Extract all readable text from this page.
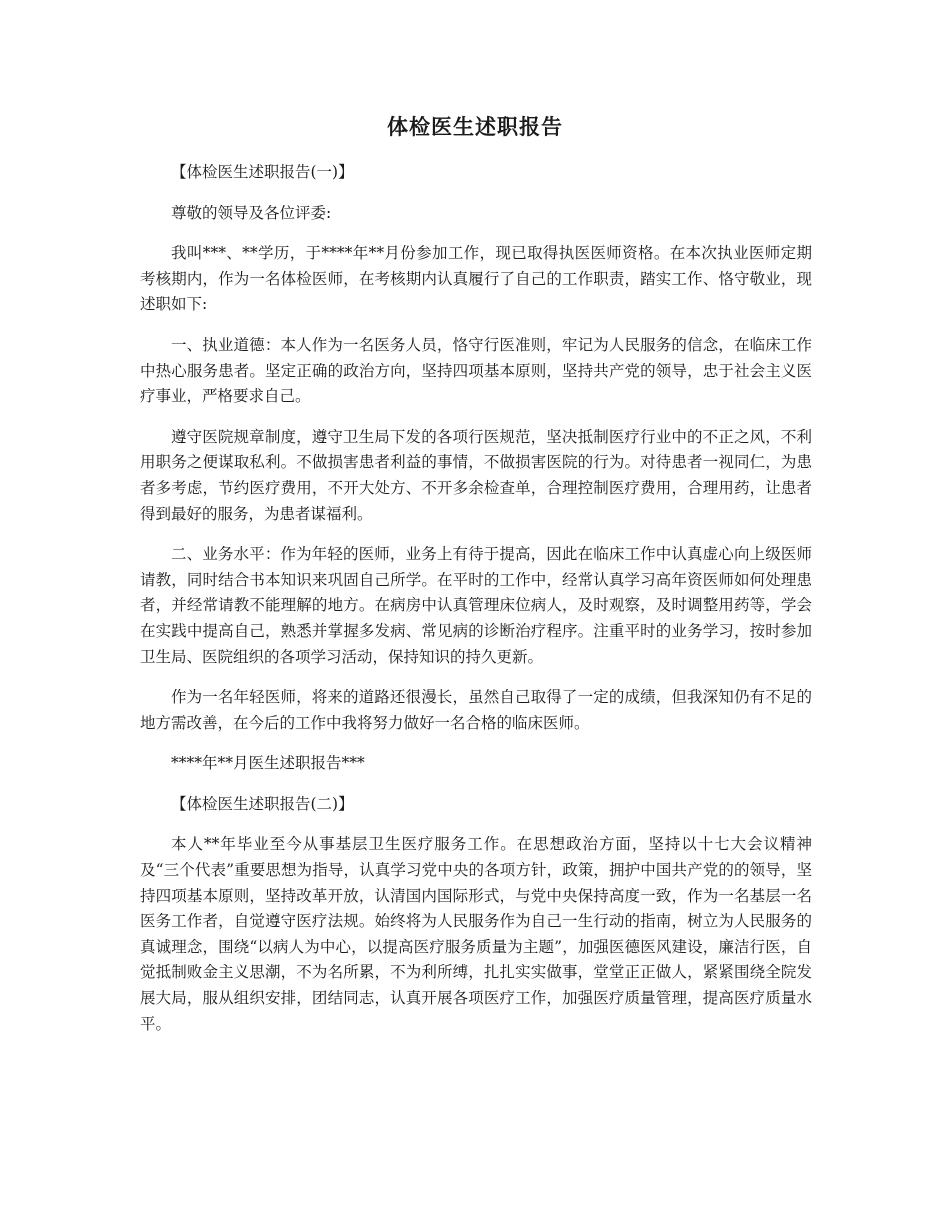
体检医生述职报告

【体检医生述职报告(一)】

尊敬的领导及各位评委:

我叫***、**学历，于****年**月份参加工作，现已取得执医医师资格。在本次执业医师定期考核期内，作为一名体检医师，在考核期内认真履行了自己的工作职责，踏实工作、恪守敬业，现述职如下:

一、执业道德：本人作为一名医务人员，恪守行医准则，牢记为人民服务的信念，在临床工作中热心服务患者。坚定正确的政治方向，坚持四项基本原则，坚持共产党的领导，忠于社会主义医疗事业，严格要求自己。

遵守医院规章制度，遵守卫生局下发的各项行医规范，坚决抵制医疗行业中的不正之风，不利用职务之便谋取私利。不做损害患者利益的事情，不做损害医院的行为。对待患者一视同仁，为患者多考虑，节约医疗费用，不开大处方、不开多余检查单，合理控制医疗费用，合理用药，让患者得到最好的服务，为患者谋福利。

二、业务水平：作为年轻的医师，业务上有待于提高，因此在临床工作中认真虚心向上级医师请教，同时结合书本知识来巩固自己所学。在平时的工作中，经常认真学习高年资医师如何处理患者，并经常请教不能理解的地方。在病房中认真管理床位病人，及时观察，及时调整用药等，学会在实践中提高自己，熟悉并掌握多发病、常见病的诊断治疗程序。注重平时的业务学习，按时参加卫生局、医院组织的各项学习活动，保持知识的持久更新。

作为一名年轻医师，将来的道路还很漫长，虽然自己取得了一定的成绩，但我深知仍有不足的地方需改善，在今后的工作中我将努力做好一名合格的临床医师。

****年**月医生述职报告***

【体检医生述职报告(二)】

本人**年毕业至今从事基层卫生医疗服务工作。在思想政治方面，坚持以十七大会议精神及“三个代表”重要思想为指导，认真学习党中央的各项方针，政策，拥护中国共产党的的领导，坚持四项基本原则，坚持改革开放，认清国内国际形式，与党中央保持高度一致，作为一名基层一名医务工作者，自觉遵守医疗法规。始终将为人民服务作为自己一生行动的指南，树立为人民服务的真诚理念，围绕“以病人为中心，以提高医疗服务质量为主题”，加强医德医风建设，廉洁行医，自觉抵制败金主义思潮，不为名所累，不为利所缚，扎扎实实做事，堂堂正正做人，紧紧围绕全院发展大局，服从组织安排，团结同志，认真开展各项医疗工作，加强医疗质量管理，提高医疗质量水平。
